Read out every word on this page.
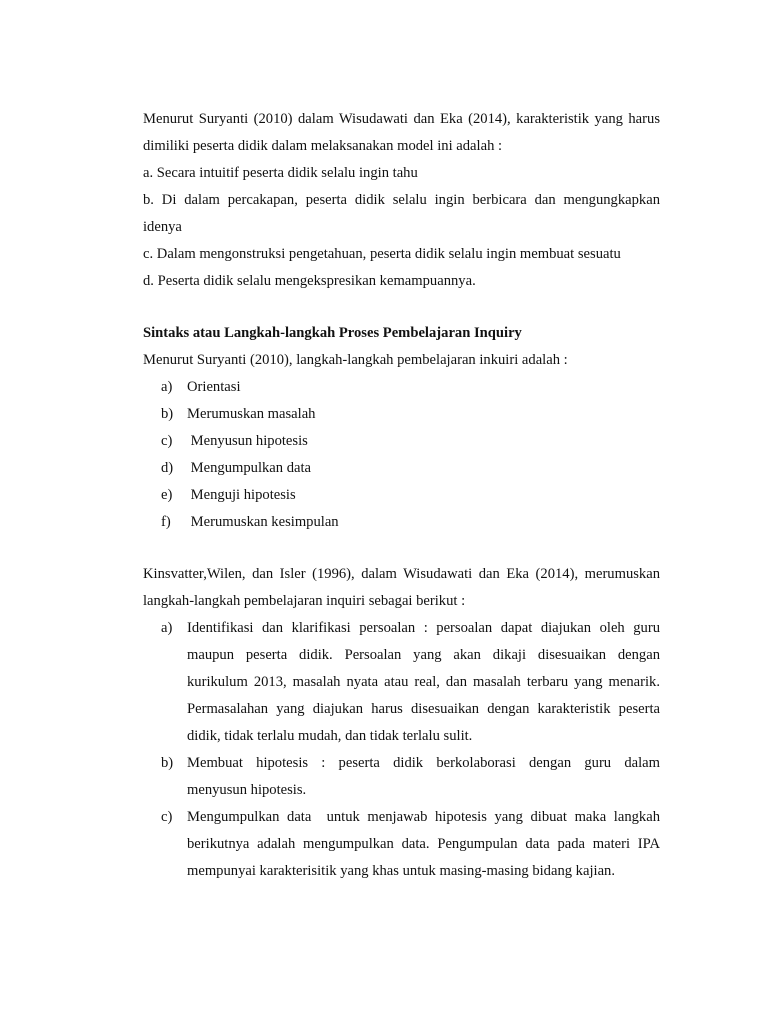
Menurut Suryanti (2010) dalam Wisudawati dan Eka (2014), karakteristik yang harus
dimiliki peserta didik dalam melaksanakan model ini adalah :
a. Secara intuitif peserta didik selalu ingin tahu
b. Di dalam percakapan, peserta didik selalu ingin berbicara dan mengungkapkan
idenya
c. Dalam mengonstruksi pengetahuan, peserta didik selalu ingin membuat sesuatu
d. Peserta didik selalu mengekspresikan kemampuannya.

Sintaks atau Langkah-langkah Proses Pembelajaran Inquiry

Menurut Suryanti (2010), langkah-langkah pembelajaran inkuiri adalah :

a)	Orientasi
b) Merumuskan masalah
c)	Menyusun hipotesis
d) Mengumpulkan data
e)	Menguji hipotesis
f)	Merumuskan kesimpulan
Kinsvatter,Wilen, dan Isler (1996), dalam Wisudawati dan Eka (2014), merumuskan
langkah-langkah pembelajaran inquiri sebagai berikut :
a)	Identifikasi dan klarifikasi persoalan : persoalan dapat diajukan oleh guru
maupun peserta didik. Persoalan yang akan dikaji disesuaikan dengan
kurikulum 2013, masalah nyata atau real, dan masalah terbaru yang menarik.
Permasalahan yang diajukan harus disesuaikan dengan karakteristik peserta
didik, tidak terlalu mudah, dan tidak terlalu sulit.
b) Membuat hipotesis : peserta didik berkolaborasi dengan guru dalam
menyusun hipotesis.
c)	Mengumpulkan data  untuk menjawab hipotesis yang dibuat maka langkah
berikutnya adalah mengumpulkan data. Pengumpulan data pada materi IPA
mempunyai karakterisitik yang khas untuk masing-masing bidang kajian.
